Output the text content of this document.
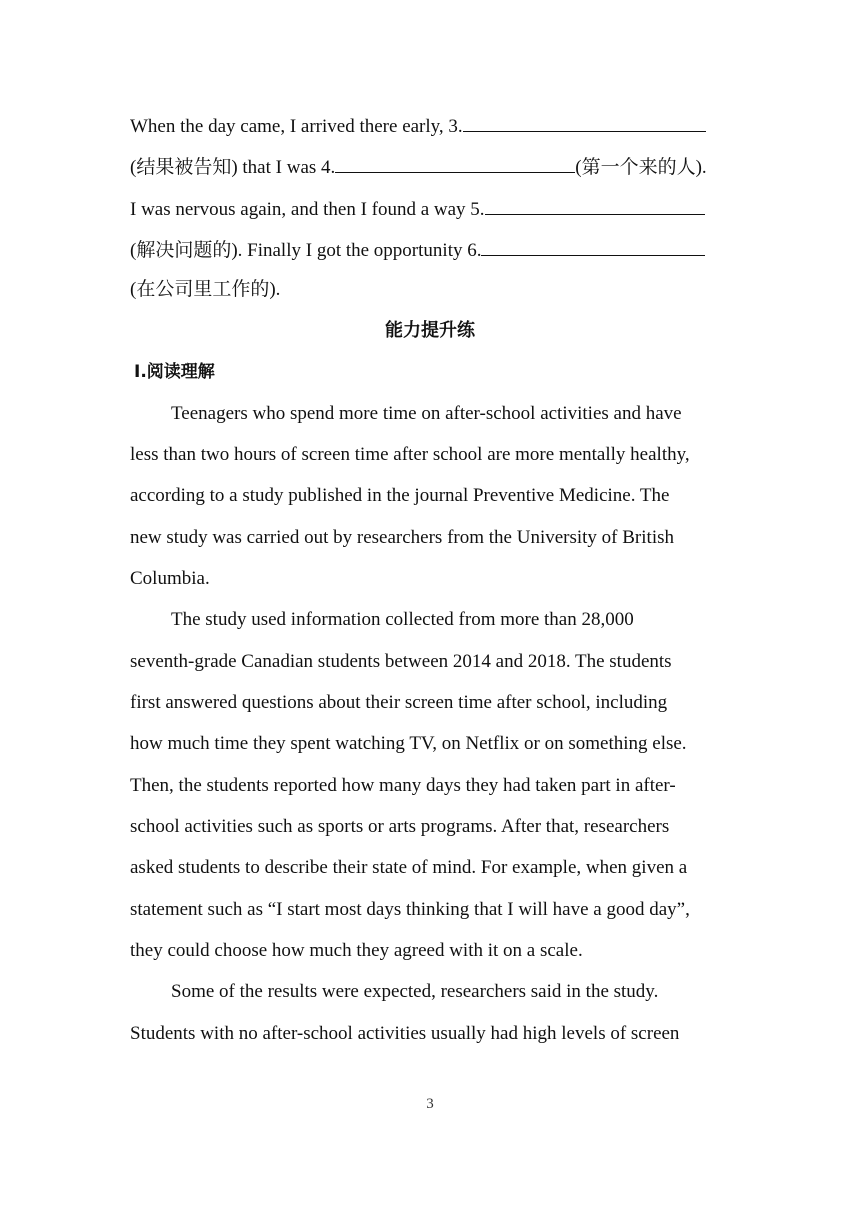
When the day came, I arrived there early, 3.
(结果被告知) that I was 4.	(第一个来的人).
I was nervous again, and then I found a way 5.
(解决问题的). Finally I got the opportunity 6.
(在公司里工作的).
能力提升练
Ⅰ.阅读理解
Teenagers who spend more time on after-school activities and have
less than two hours of screen time after school are more mentally healthy,
according to a study published in the journal Preventive Medicine. The
new study was carried out by researchers from the University of British
Columbia.
The study used information collected from more than 28,000
seventh-grade Canadian students between 2014 and 2018. The students
first answered questions about their screen time after school, including
how much time they spent watching TV, on Netflix or on something else.
Then, the students reported how many days they had taken part in after-
school activities such as sports or arts programs. After that, researchers
asked students to describe their state of mind. For example, when given a
statement such as “I start most days thinking that I will have a good day”,
they could choose how much they agreed with it on a scale.
Some of the results were expected, researchers said in the study.
Students with no after-school activities usually had high levels of screen
3
